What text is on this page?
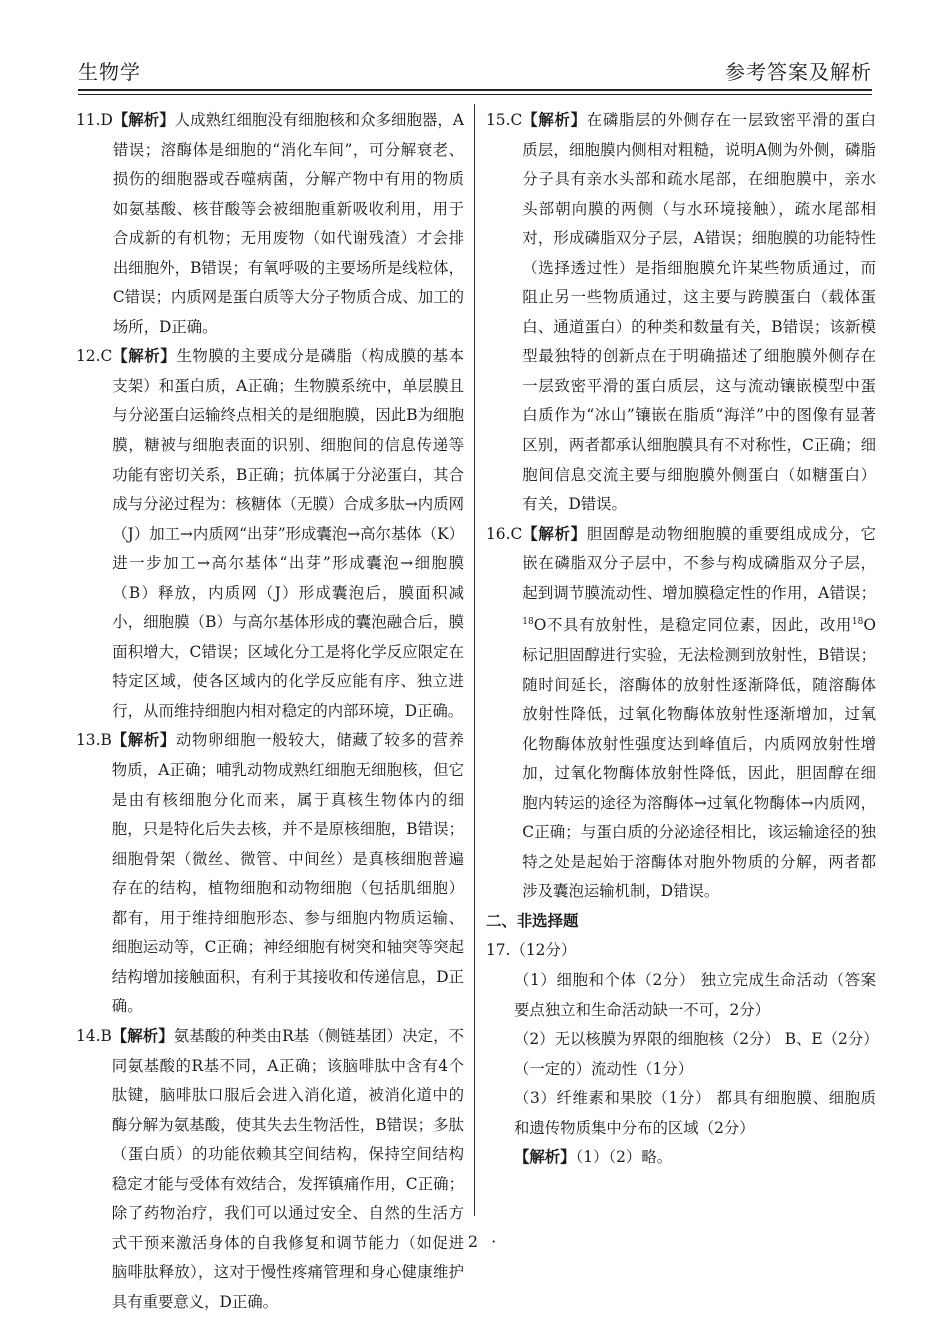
生物学	参考答案及解析
11.D 【解析】人成熟红细胞没有细胞核和众多细胞器，A错误；溶酶体是细胞的“消化车间”，可分解衰老、损伤的细胞器或吞噬病菌，分解产物中有用的物质如氨基酸、核苷酸等会被细胞重新吸收利用，用于合成新的有机物；无用废物（如代谢残渣）才会排出细胞外，B错误；有氧呼吸的主要场所是线粒体，C错误；内质网是蛋白质等大分子物质合成、加工的场所，D正确。
12.C 【解析】生物膜的主要成分是磷脂（构成膜的基本支架）和蛋白质，A正确；生物膜系统中，单层膜且与分泌蛋白运输终点相关的是细胞膜，因此B为细胞膜，糖被与细胞表面的识别、细胞间的信息传递等功能有密切关系，B正确；抗体属于分泌蛋白，其合成与分泌过程为：核糖体（无膜）合成多肽→内质网（J）加工→内质网“出芽”形成囊泡→高尔基体（K）进一步加工→高尔基体“出芽”形成囊泡→细胞膜（B）释放，内质网（J）形成囊泡后，膜面积减小，细胞膜（B）与高尔基体形成的囊泡融合后，膜面积增大，C错误；区域化分工是将化学反应限定在特定区域，使各区域内的化学反应能有序、独立进行，从而维持细胞内相对稳定的内部环境，D正确。
13.B 【解析】动物卵细胞一般较大，储藏了较多的营养物质，A正确；哺乳动物成熟红细胞无细胞核，但它是由有核细胞分化而来，属于真核生物体内的细胞，只是特化后失去核，并不是原核细胞，B错误；细胞骨架（微丝、微管、中间丝）是真核细胞普遍存在的结构，植物细胞和动物细胞（包括肌细胞）都有，用于维持细胞形态、参与细胞内物质运输、细胞运动等，C正确；神经细胞有树突和轴突等突起结构增加接触面积，有利于其接收和传递信息，D正确。
14.B 【解析】氨基酸的种类由R基（侧链基团）决定，不同氨基酸的R基不同，A正确；该脑啡肽中含有4个肽键，脑啡肽口服后会进入消化道，被消化道中的酶分解为氨基酸，使其失去生物活性，B错误；多肽（蛋白质）的功能依赖其空间结构，保持空间结构稳定才能与受体有效结合，发挥镇痛作用，C正确；除了药物治疗，我们可以通过安全、自然的生活方式干预来激活身体的自我修复和调节能力（如促进脑啡肽释放），这对于慢性疼痛管理和身心健康维护具有重要意义，D正确。
15.C 【解析】在磷脂层的外侧存在一层致密平滑的蛋白质层，细胞膜内侧相对粗糙，说明A侧为外侧，磷脂分子具有亲水头部和疏水尾部，在细胞膜中，亲水头部朝向膜的两侧（与水环境接触），疏水尾部相对，形成磷脂双分子层，A错误；细胞膜的功能特性（选择透过性）是指细胞膜允许某些物质通过，而阻止另一些物质通过，这主要与跨膜蛋白（载体蛋白、通道蛋白）的种类和数量有关，B错误；该新模型最独特的创新点在于明确描述了细胞膜外侧存在一层致密平滑的蛋白质层，这与流动镶嵌模型中蛋白质作为“冰山”镶嵌在脂质“海洋”中的图像有显著区别，两者都承认细胞膜具有不对称性，C正确；细胞间信息交流主要与细胞膜外侧蛋白（如糖蛋白）有关，D错误。
16.C 【解析】胆固醇是动物细胞膜的重要组成成分，它嵌在磷脂双分子层中，不参与构成磷脂双分子层，起到调节膜流动性、增加膜稳定性的作用，A错误；$^{18}$O不具有放射性，是稳定同位素，因此，改用$^{18}$O标记胆固醇进行实验，无法检测到放射性，B错误；随时间延长，溶酶体的放射性逐渐降低，随溶酶体放射性降低，过氧化物酶体放射性逐渐增加，过氧化物酶体放射性强度达到峰值后，内质网放射性增加，过氧化物酶体放射性降低，因此，胆固醇在细胞内转运的途径为溶酶体→过氧化物酶体→内质网，C正确；与蛋白质的分泌途径相比，该运输途径的独特之处是起始于溶酶体对胞外物质的分解，两者都涉及囊泡运输机制，D错误。
二、非选择题
17.（12分）
（1）细胞和个体（2分） 独立完成生命活动（答案要点独立和生命活动缺一不可，2分）
（2）无以核膜为界限的细胞核（2分） B、E（2分）
（一定的）流动性（1分）
（3）纤维素和果胶（1分） 都具有细胞膜、细胞质和遗传物质集中分布的区域（2分）
【解析】（1）（2）略。
· 2 ·
